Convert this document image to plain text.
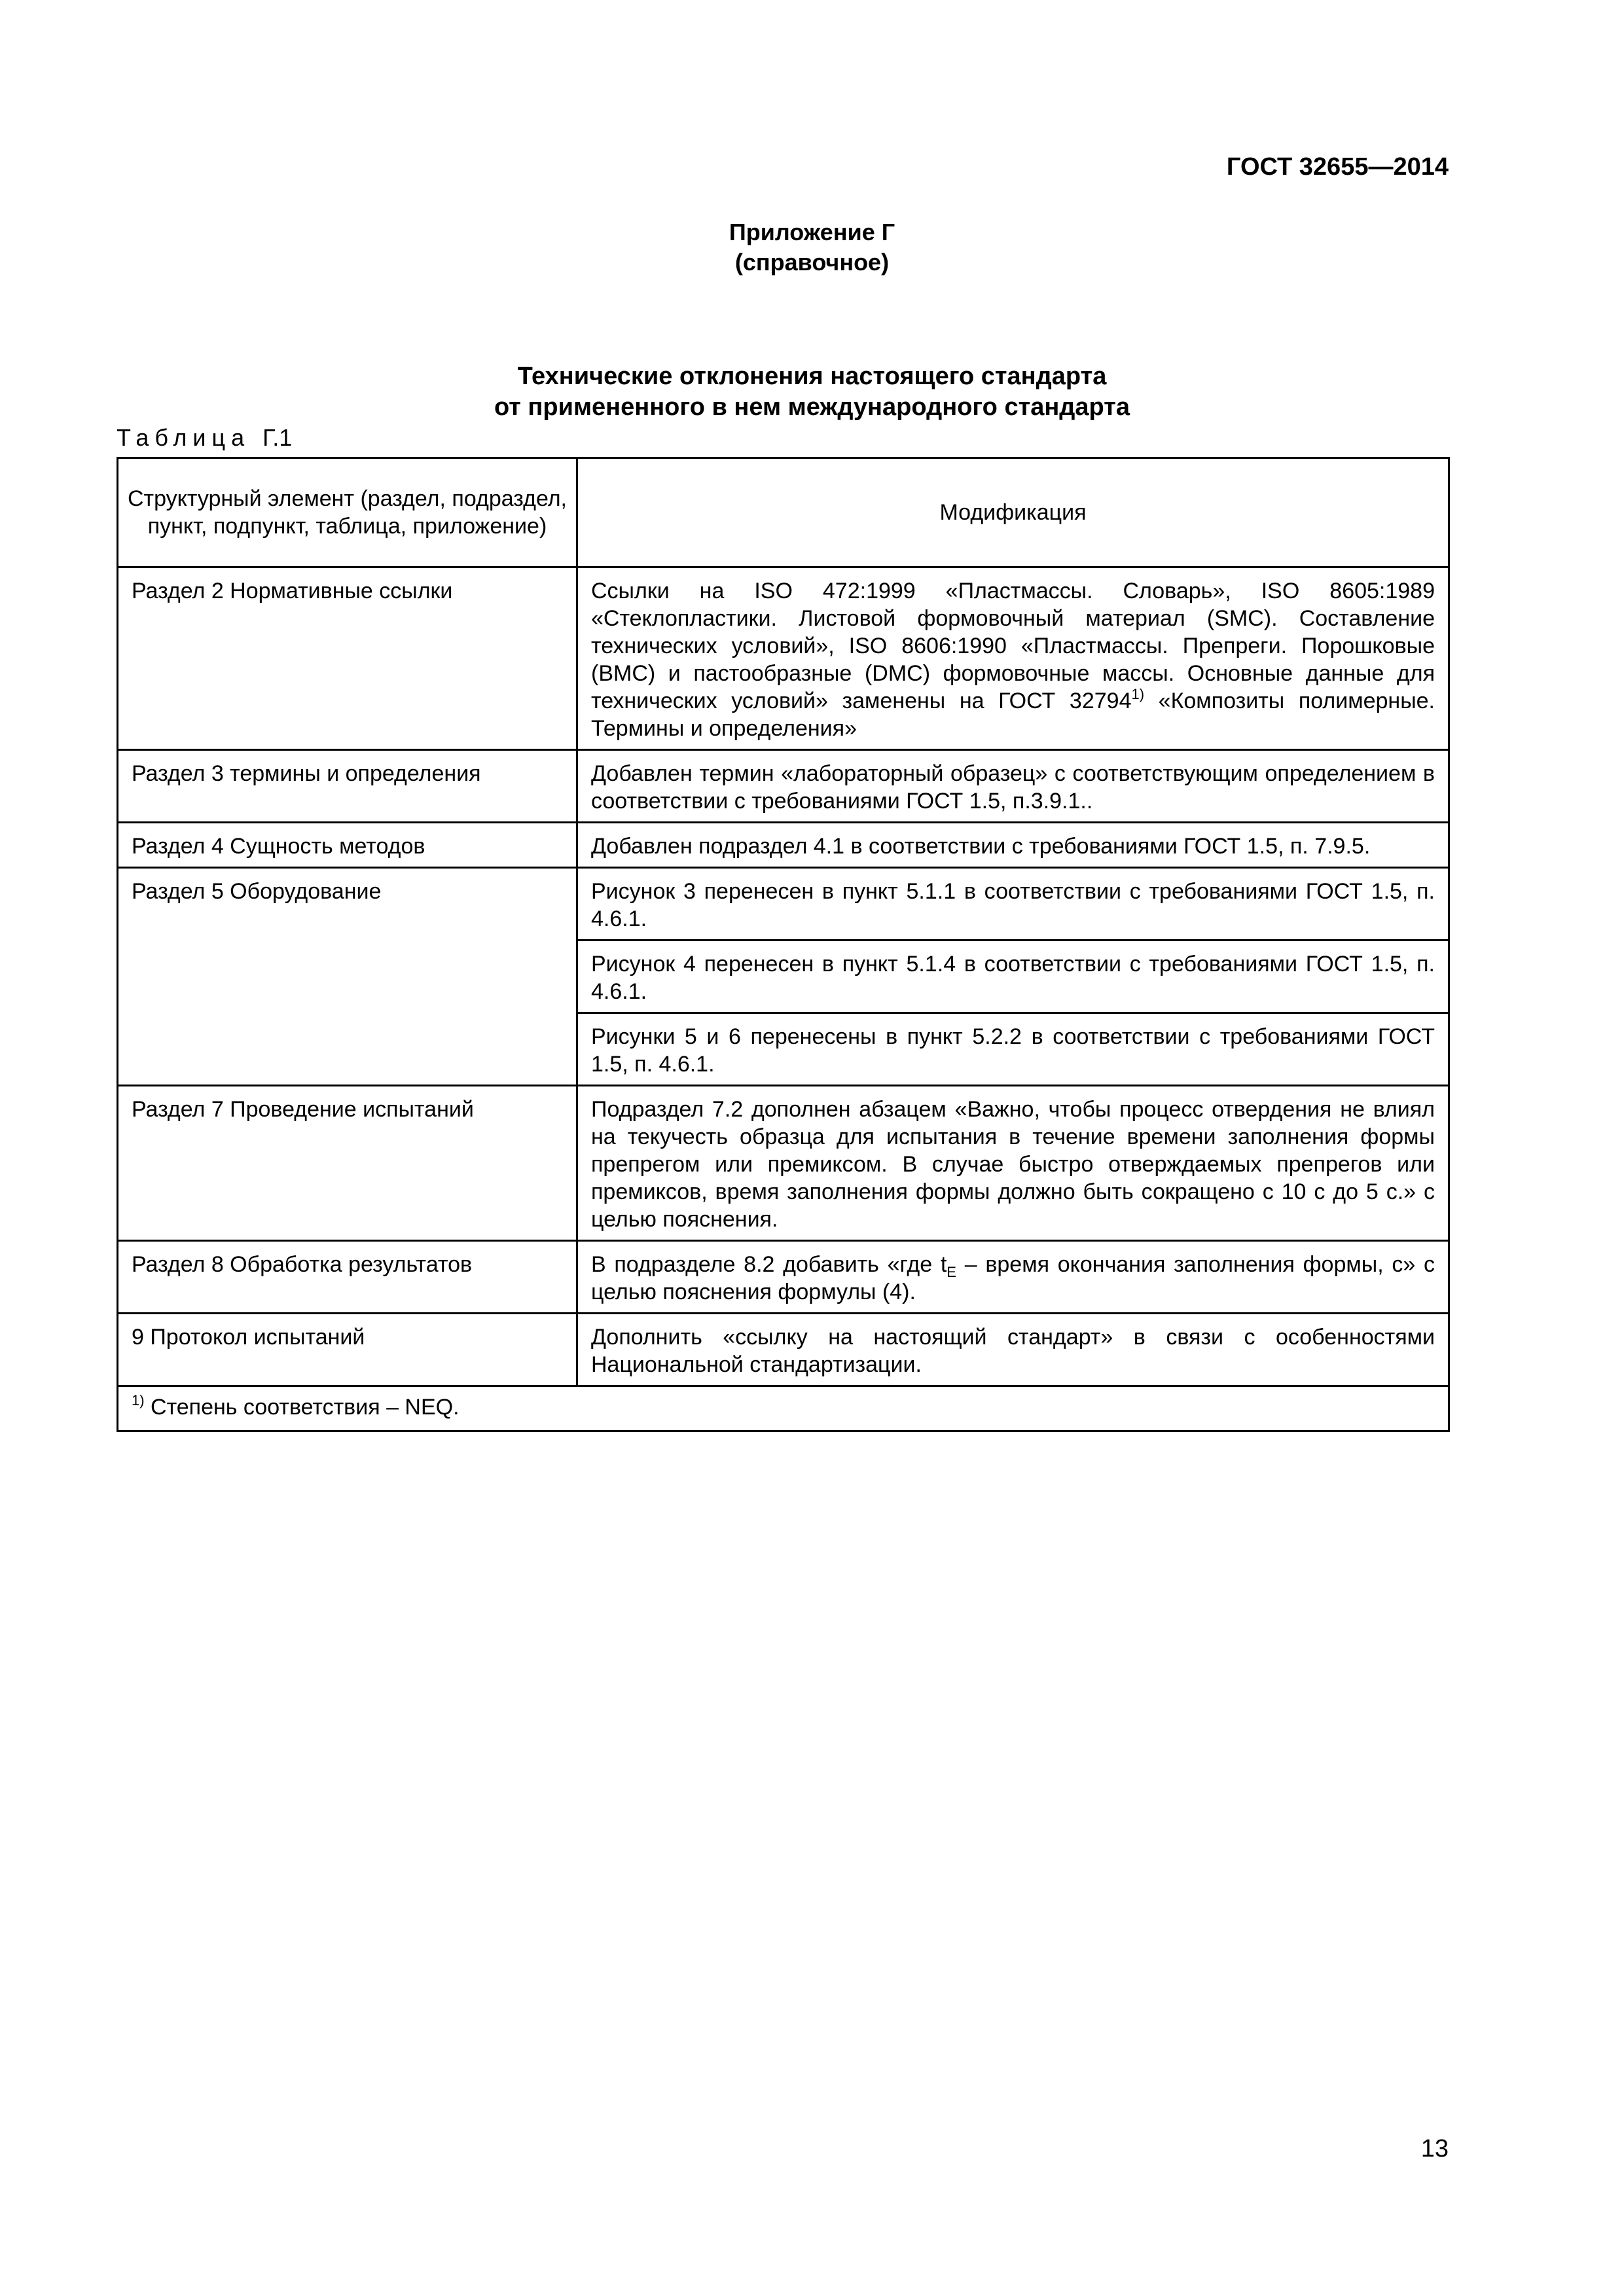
ГОСТ 32655—2014
Приложение Г
(справочное)
Технические отклонения настоящего стандарта
от примененного в нем международного стандарта
Таблица Г.1
Структурный элемент (раздел, подраздел, пункт, подпункт, таблица, приложение)	Модификация
Раздел 2 Нормативные ссылки	Ссылки на ISO 472:1999 «Пластмассы. Словарь», ISO 8605:1989 «Стеклопластики. Листовой формовочный материал (SMC). Составление технических условий», ISO 8606:1990 «Пластмассы. Препреги. Порошковые (BMC) и пастообразные (DMC) формовочные массы. Основные данные для технических условий» заменены на ГОСТ 32794$^{1)}$ «Композиты полимерные. Термины и определения»
Раздел 3 термины и определения	Добавлен термин «лабораторный образец» с соответствующим определением в соответствии с требованиями ГОСТ 1.5, п.3.9.1..
Раздел 4 Сущность методов	Добавлен подраздел 4.1 в соответствии с требованиями ГОСТ 1.5, п. 7.9.5.
Раздел 5 Оборудование	Рисунок 3 перенесен в пункт 5.1.1 в соответствии с требованиями ГОСТ 1.5, п. 4.6.1.
	Рисунок 4 перенесен в пункт 5.1.4 в соответствии с требованиями ГОСТ 1.5, п. 4.6.1.
	Рисунки 5 и 6 перенесены в пункт 5.2.2 в соответствии с требованиями ГОСТ 1.5, п. 4.6.1.
Раздел 7 Проведение испытаний	Подраздел 7.2 дополнен абзацем «Важно, чтобы процесс отвердения не влиял на текучесть образца для испытания в течение времени заполнения формы препрегом или премиксом. В случае быстро отверждаемых препрегов или премиксов, время заполнения формы должно быть сокращено с 10 с до 5 с.» с целью пояснения.
Раздел 8 Обработка результатов	В подразделе 8.2 добавить «где $t_E$ – время окончания заполнения формы, с» с целью пояснения формулы (4).
9 Протокол испытаний	Дополнить «ссылку на настоящий стандарт» в связи с особенностями Национальной стандартизации.
$^{1)}$ Степень соответствия – NEQ.	
13
